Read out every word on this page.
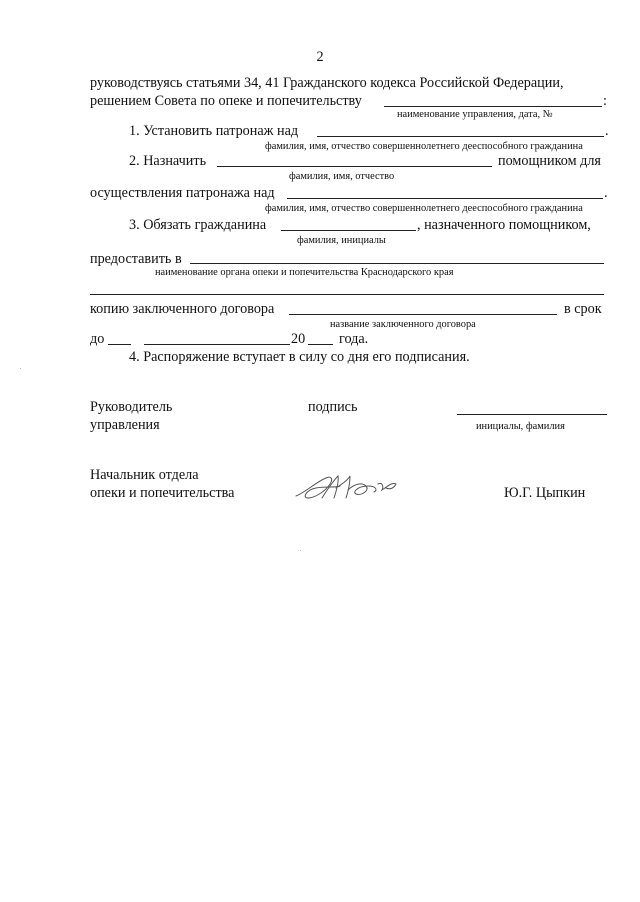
2
руководствуясь статьями 34, 41 Гражданского кодекса Российской Федерации,
решением Совета по опеке и попечительству	:
наименование управления, дата, №
1. Установить патронаж над	.
фамилия, имя, отчество совершеннолетнего дееспособного гражданина
2. Назначить	помощником для
фамилия, имя, отчество
осуществления патронажа над	.
фамилия, имя, отчество совершеннолетнего дееспособного гражданина
3. Обязать гражданина	, назначенного помощником,
фамилия, инициалы
предоставить в
наименование органа опеки и попечительства Краснодарского края
копию заключенного договора	в срок
название заключенного договора
до	20 года.
4. Распоряжение вступает в силу со дня его подписания.
Руководитель
управления
подпись
инициалы, фамилия
Начальник отдела
опеки и попечительства	Ю.Г. Цыпкин
